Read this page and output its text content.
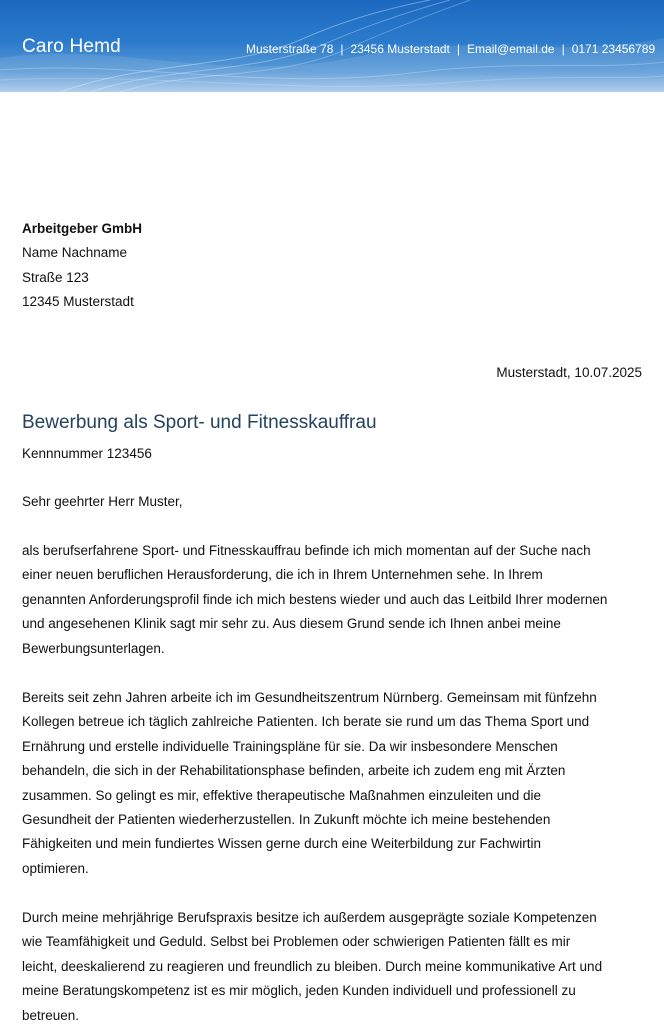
Caro Hemd	Musterstraße 78 | 23456 Musterstadt | Email@email.de | 0171 23456789
Arbeitgeber GmbH
Name Nachname
Straße 123
12345 Musterstadt
Musterstadt, 10.07.2025
Bewerbung als Sport- und Fitnesskauffrau
Kennnummer 123456
Sehr geehrter Herr Muster,
als berufserfahrene Sport- und Fitnesskauffrau befinde ich mich momentan auf der Suche nach
einer neuen beruflichen Herausforderung, die ich in Ihrem Unternehmen sehe. In Ihrem
genannten Anforderungsprofil finde ich mich bestens wieder und auch das Leitbild Ihrer modernen
und angesehenen Klinik sagt mir sehr zu. Aus diesem Grund sende ich Ihnen anbei meine
Bewerbungsunterlagen.
Bereits seit zehn Jahren arbeite ich im Gesundheitszentrum Nürnberg. Gemeinsam mit fünfzehn
Kollegen betreue ich täglich zahlreiche Patienten. Ich berate sie rund um das Thema Sport und
Ernährung und erstelle individuelle Trainingspläne für sie. Da wir insbesondere Menschen
behandeln, die sich in der Rehabilitationsphase befinden, arbeite ich zudem eng mit Ärzten
zusammen. So gelingt es mir, effektive therapeutische Maßnahmen einzuleiten und die
Gesundheit der Patienten wiederherzustellen. In Zukunft möchte ich meine bestehenden
Fähigkeiten und mein fundiertes Wissen gerne durch eine Weiterbildung zur Fachwirtin
optimieren.
Durch meine mehrjährige Berufspraxis besitze ich außerdem ausgeprägte soziale Kompetenzen
wie Teamfähigkeit und Geduld. Selbst bei Problemen oder schwierigen Patienten fällt es mir
leicht, deeskalierend zu reagieren und freundlich zu bleiben. Durch meine kommunikative Art und
meine Beratungskompetenz ist es mir möglich, jeden Kunden individuell und professionell zu
betreuen.
